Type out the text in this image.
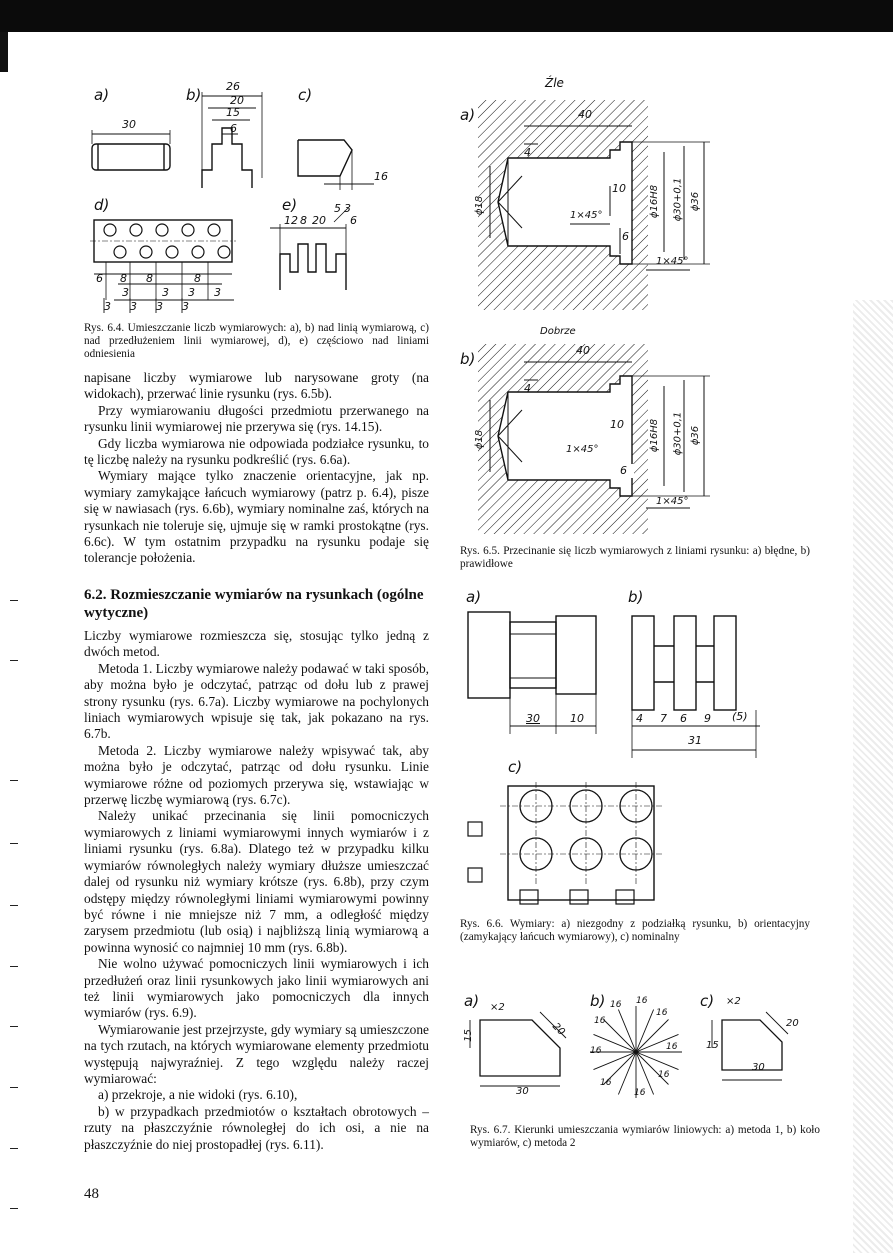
a)	b)	c)
d)	e)
30
26
20
15
6
16
6 8 8	8
3	3 3 3
3 3 3 3
5 3
12 8 20 6
Rys. 6.4. Umieszczanie liczb wymiarowych: a), b) nad linią wymiarową, c) nad przedłużeniem linii wymiarowej, d), e) częściowo nad liniami odniesienia
Źle
a)	40
4
10
6
1×45°
1×45°
ϕ18	ϕ16H8 ϕ30+0,1 ϕ36
Dobrze
b)	40
4
10
6
1×45°
1×45°
ϕ18	ϕ16H8 ϕ30+0,1 ϕ36
Rys. 6.5. Przecinanie się liczb wymiarowych z liniami rysunku: a) błędne, b) prawidłowe
a)	b)
c)
30	10	4 7 6 9 (5)
31
Rys. 6.6. Wymiary: a) niezgodny z podziałką rysunku, b) orientacyjny (zamykający łańcuch wymiarowy), c) nominalny
a)	b)	c)
×2
20
15
30
×2
20
15
30
16
16
16
16
16
16
16
16
16
Rys. 6.7. Kierunki umieszczania wymiarów liniowych: a) metoda 1, b) koło wymiarów, c) metoda 2

napisane liczby wymiarowe lub narysowane groty (na widokach), przerwać linie rysunku (rys. 6.5b).

Przy wymiarowaniu długości przedmiotu przerwanego na rysunku linii wymiarowej nie przerywa się (rys. 14.15).

Gdy liczba wymiarowa nie odpowiada podziałce rysunku, to tę liczbę należy na rysunku podkreślić (rys. 6.6a).

Wymiary mające tylko znaczenie orientacyjne, jak np. wymiary zamykające łańcuch wymiarowy (patrz p. 6.4), pisze się w nawiasach (rys. 6.6b), wymiary nominalne zaś, których na rysunkach nie toleruje się, ujmuje się w ramki prostokątne (rys. 6.6c). W tym ostatnim przypadku na rysunku podaje się tolerancje położenia.

6.2. Rozmieszczanie wymiarów na rysunkach (ogólne wytyczne)

Liczby wymiarowe rozmieszcza się, stosując tylko jedną z dwóch metod.

Metoda 1. Liczby wymiarowe należy podawać w taki sposób, aby można było je odczytać, patrząc od dołu lub z prawej strony rysunku (rys. 6.7a). Liczby wymiarowe na pochylonych liniach wymiarowych wpisuje się tak, jak pokazano na rys. 6.7b.

Metoda 2. Liczby wymiarowe należy wpisywać tak, aby można było je odczytać, patrząc od dołu rysunku. Linie wymiarowe różne od poziomych przerywa się, wstawiając w przerwę liczbę wymiarową (rys. 6.7c).

Należy unikać przecinania się linii pomocniczych wymiarowych z liniami wymiarowymi innych wymiarów i z liniami rysunku (rys. 6.8a). Dlatego też w przypadku kilku wymiarów równoległych należy wymiary dłuższe umieszczać dalej od rysunku niż wymiary krótsze (rys. 6.8b), przy czym odstępy między równoległymi liniami wymiarowymi powinny być równe i nie mniejsze niż 7 mm, a odległość między zarysem przedmiotu (lub osią) i najbliższą linią wymiarową a powinna wynosić co najmniej 10 mm (rys. 6.8b).

Nie wolno używać pomocniczych linii wymiarowych i ich przedłużeń oraz linii rysunkowych jako linii wymiarowych ani też linii wymiarowych jako pomocniczych dla innych wymiarów (rys. 6.9).

Wymiarowanie jest przejrzyste, gdy wymiary są umieszczone na tych rzutach, na których wymiarowane elementy przedmiotu występują najwyraźniej. Z tego względu należy raczej wymiarować:

a) przekroje, a nie widoki (rys. 6.10),

b) w przypadkach przedmiotów o kształtach obrotowych – rzuty na płaszczyźnie równoległej do ich osi, a nie na płaszczyźnie do niej prostopadłej (rys. 6.11).

48
